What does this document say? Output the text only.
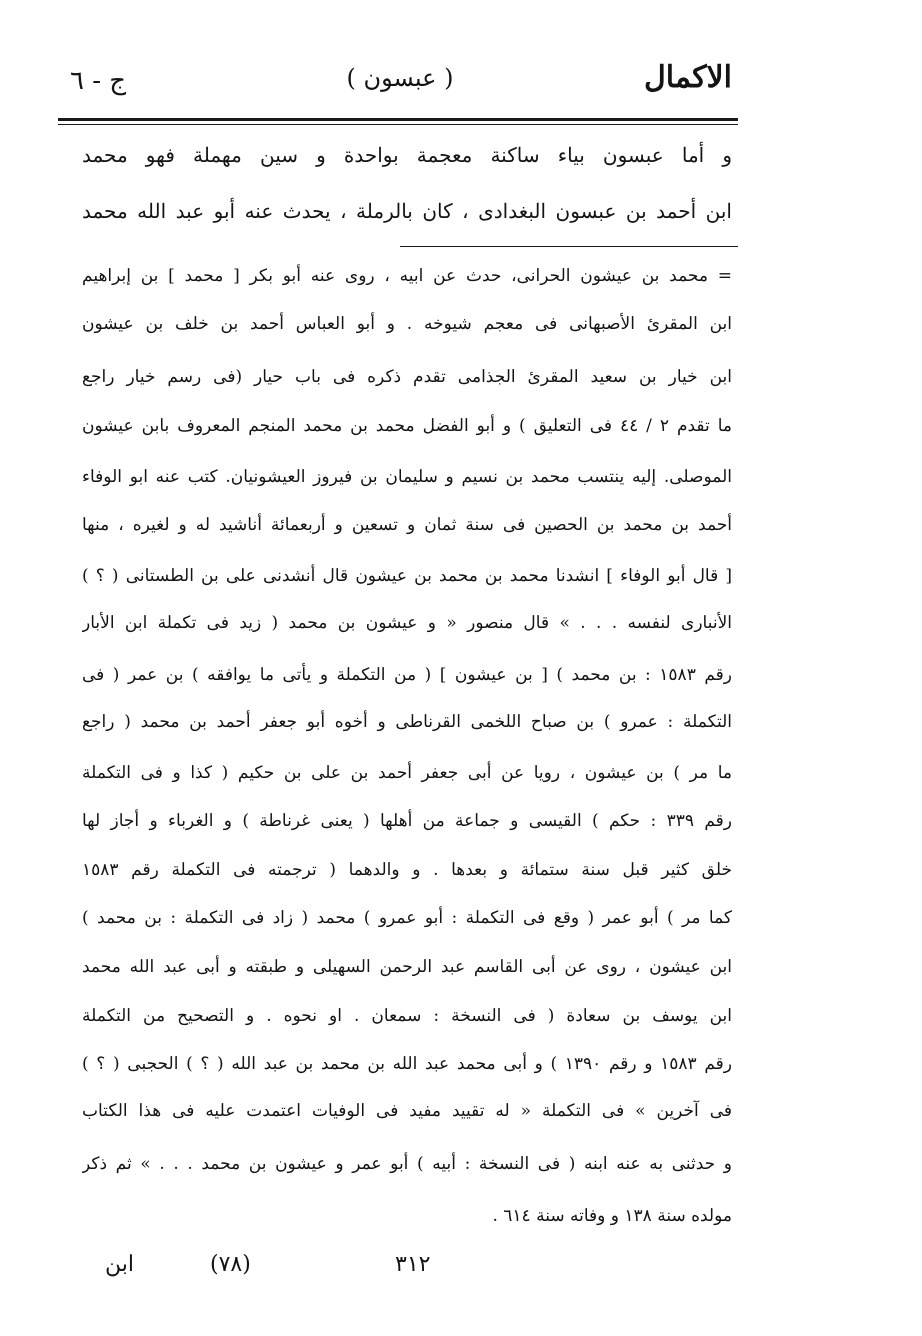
الاكمال
( عبسون )
ج - ٦
و أما عبسون بياء ساكنة معجمة بواحدة و سين مهملة فهو محمد
ابن أحمد بن عبسون البغدادى ، كان بالرملة ، يحدث عنه أبو عبد الله محمد
= محمد بن عيشون الحرانى، حدث عن ابيه ، روى عنه أبو بكر [ محمد ] بن إبراهيم
ابن المقرئ الأصبهانى فى معجم شيوخه . و أبو العباس أحمد بن خلف بن عيشون
ابن خيار بن سعيد المقرئ الجذامى تقدم ذكره فى باب حيار (فى رسم خيار راجع
ما تقدم ٢ / ٤٤ فى التعليق ) و أبو الفضل محمد بن محمد المنجم المعروف بابن عيشون
الموصلى. إليه ينتسب محمد بن نسيم و سليمان بن فيروز العيشونيان. كتب عنه ابو الوفاء
أحمد بن محمد بن الحصين فى سنة ثمان و تسعين و أربعمائة أناشيد له و لغيره ، منها
[ قال أبو الوفاء ] انشدنا محمد بن محمد بن عيشون قال أنشدنى على بن الطستانى ( ؟ )
الأنبارى لنفسه . . . » قال منصور « و عيشون بن محمد ( زيد فى تكملة ابن الأبار
رقم ١٥٨٣ : بن محمد ) [ بن عيشون ] ( من التكملة و يأتى ما يوافقه ) بن عمر ( فى
التكملة : عمرو ) بن صباح اللخمى القرناطى و أخوه أبو جعفر أحمد بن محمد ( راجع
ما مر ) بن عيشون ، رويا عن أبى جعفر أحمد بن على بن حكيم ( كذا و فى التكملة
رقم ٣٣٩ : حكم ) القيسى و جماعة من أهلها ( يعنى غرناطة ) و الغرباء و أجاز لها
خلق كثير قبل سنة ستمائة و بعدها . و والدهما ( ترجمته فى التكملة رقم ١٥٨٣
كما مر ) أبو عمر ( وقع فى التكملة : أبو عمرو ) محمد ( زاد فى التكملة : بن محمد )
ابن عيشون ، روى عن أبى القاسم عبد الرحمن السهيلى و طبقته و أبى عبد الله محمد
ابن يوسف بن سعادة ( فى النسخة : سمعان . او نحوه . و التصحيح من التكملة
رقم ١٥٨٣ و رقم ١٣٩٠ ) و أبى محمد عبد الله بن محمد بن عبد الله ( ؟ ) الحجبى ( ؟ )
فى آخرين » فى التكملة « له تقييد مفيد فى الوفيات اعتمدت عليه فى هذا الكتاب
و حدثنى به عنه ابنه ( فى النسخة : أبيه ) أبو عمر و عيشون بن محمد . . . » ثم ذكر
مولده سنة ١٣٨ و وفاته سنة ٦١٤ .
٣١٢
(٧٨)
ابن
